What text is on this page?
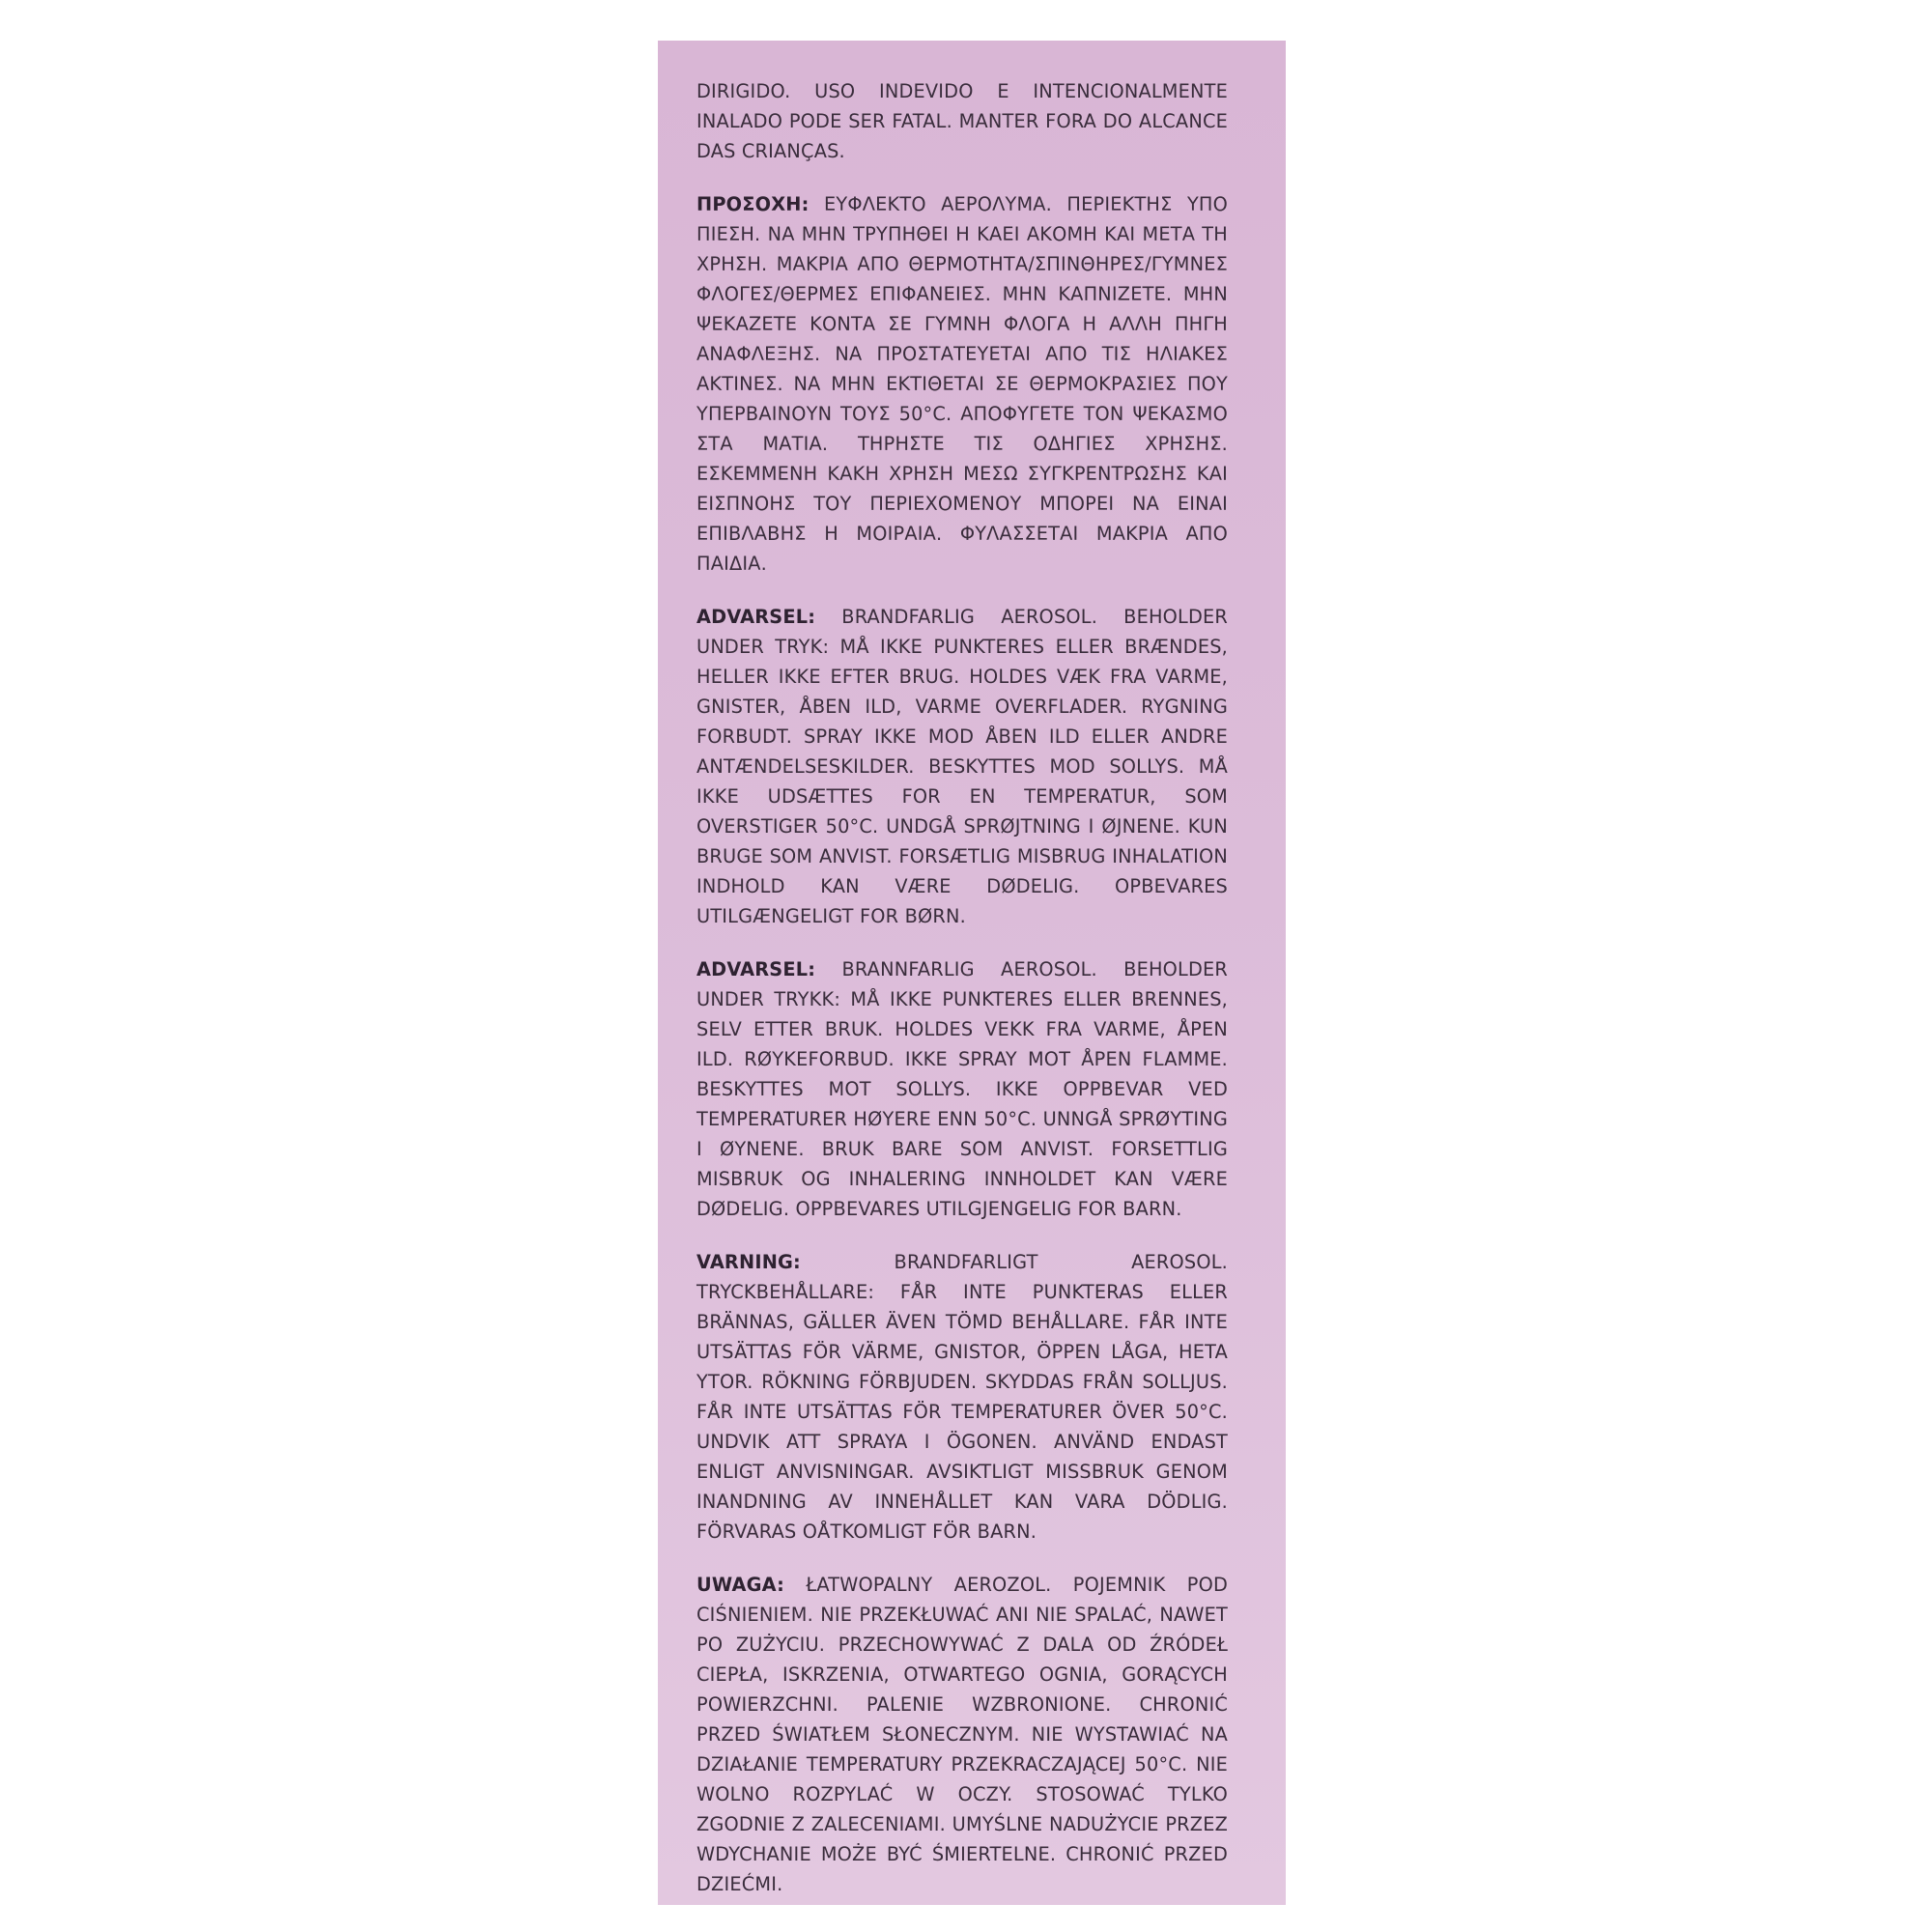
DIRIGIDO. USO INDEVIDO E INTENCIONALMENTE INALADO PODE SER FATAL. MANTER FORA DO ALCANCE DAS CRIANÇAS.

ΠΡΟΣΟΧΗ: ΕΥΦΛΕΚΤΟ ΑΕΡΟΛΥΜΑ. ΠΕΡΙΕΚΤΗΣ ΥΠΟ ΠΙΕΣΗ. ΝΑ ΜΗΝ ΤΡΥΠΗΘΕΙ Η ΚΑΕΙ ΑΚΟΜΗ ΚΑΙ ΜΕΤΑ ΤΗ ΧΡΗΣΗ. ΜΑΚΡΙΑ ΑΠΟ ΘΕΡΜΟΤΗΤΑ/ΣΠΙΝΘΗΡΕΣ/ΓΥΜΝΕΣ ΦΛΟΓΕΣ/ΘΕΡΜΕΣ ΕΠΙΦΑΝΕΙΕΣ. ΜΗΝ ΚΑΠΝΙΖΕΤΕ. ΜΗΝ ΨΕΚΑΖΕΤΕ ΚΟΝΤΑ ΣΕ ΓΥΜΝΗ ΦΛΟΓΑ Η ΑΛΛΗ ΠΗΓΗ ΑΝΑΦΛΕΞΗΣ. ΝΑ ΠΡΟΣΤΑΤΕΥΕΤΑΙ ΑΠΟ ΤΙΣ ΗΛΙΑΚΕΣ ΑΚΤΙΝΕΣ. ΝΑ ΜΗΝ ΕΚΤΙΘΕΤΑΙ ΣΕ ΘΕΡΜΟΚΡΑΣΙΕΣ ΠΟΥ ΥΠΕΡΒΑΙΝΟΥΝ ΤΟΥΣ 50°C. ΑΠΟΦΥΓΕΤΕ ΤΟΝ ΨΕΚΑΣΜΟ ΣΤΑ ΜΑΤΙΑ. ΤΗΡΗΣΤΕ ΤΙΣ ΟΔΗΓΙΕΣ ΧΡΗΣΗΣ. ΕΣΚΕΜΜΕΝΗ ΚΑΚΗ ΧΡΗΣΗ ΜΕΣΩ ΣΥΓΚΡΕΝΤΡΩΣΗΣ ΚΑΙ ΕΙΣΠΝΟΗΣ ΤΟΥ ΠΕΡΙΕΧΟΜΕΝΟΥ ΜΠΟΡΕΙ ΝΑ ΕΙΝΑΙ ΕΠΙΒΛΑΒΗΣ Η ΜΟΙΡΑΙΑ. ΦΥΛΑΣΣΕΤΑΙ ΜΑΚΡΙΑ ΑΠΟ ΠΑΙΔΙΑ.

ADVARSEL: BRANDFARLIG AEROSOL. BEHOLDER UNDER TRYK: MÅ IKKE PUNKTERES ELLER BRÆNDES, HELLER IKKE EFTER BRUG. HOLDES VÆK FRA VARME, GNISTER, ÅBEN ILD, VARME OVERFLADER. RYGNING FORBUDT. SPRAY IKKE MOD ÅBEN ILD ELLER ANDRE ANTÆNDELSESKILDER. BESKYTTES MOD SOLLYS. MÅ IKKE UDSÆTTES FOR EN TEMPERATUR, SOM OVERSTIGER 50°C. UNDGÅ SPRØJTNING I ØJNENE. KUN BRUGE SOM ANVIST. FORSÆTLIG MISBRUG INHALATION INDHOLD KAN VÆRE DØDELIG. OPBEVARES UTILGÆNGELIGT FOR BØRN.

ADVARSEL: BRANNFARLIG AEROSOL. BEHOLDER UNDER TRYKK: MÅ IKKE PUNKTERES ELLER BRENNES, SELV ETTER BRUK. HOLDES VEKK FRA VARME, ÅPEN ILD. RØYKEFORBUD. IKKE SPRAY MOT ÅPEN FLAMME. BESKYTTES MOT SOLLYS. IKKE OPPBEVAR VED TEMPERATURER HØYERE ENN 50°C. UNNGÅ SPRØYTING I ØYNENE. BRUK BARE SOM ANVIST. FORSETTLIG MISBRUK OG INHALERING INNHOLDET KAN VÆRE DØDELIG. OPPBEVARES UTILGJENGELIG FOR BARN.

VARNING:	BRANDFARLIGT AEROSOL. TRYCKBEHÅLLARE: FÅR INTE PUNKTERAS ELLER BRÄNNAS, GÄLLER ÄVEN TÖMD BEHÅLLARE. FÅR INTE UTSÄTTAS FÖR VÄRME, GNISTOR, ÖPPEN LÅGA, HETA YTOR. RÖKNING FÖRBJUDEN. SKYDDAS FRÅN SOLLJUS. FÅR INTE UTSÄTTAS FÖR TEMPERATURER ÖVER 50°C. UNDVIK ATT SPRAYA I ÖGONEN. ANVÄND ENDAST ENLIGT ANVISNINGAR. AVSIKTLIGT MISSBRUK GENOM INANDNING AV INNEHÅLLET KAN VARA DÖDLIG. FÖRVARAS OÅTKOMLIGT FÖR BARN.

UWAGA: ŁATWOPALNY AEROZOL. POJEMNIK POD CIŚNIENIEM. NIE PRZEKŁUWAĆ ANI NIE SPALAĆ, NAWET PO ZUŻYCIU. PRZECHOWYWAĆ Z DALA OD ŹRÓDEŁ CIEPŁA, ISKRZENIA, OTWARTEGO OGNIA, GORĄCYCH POWIERZCHNI. PALENIE WZBRONIONE. CHRONIĆ PRZED ŚWIATŁEM SŁONECZNYM. NIE WYSTAWIAĆ NA DZIAŁANIE TEMPERATURY PRZEKRACZAJĄCEJ 50°C. NIE WOLNO ROZPYLAĆ W OCZY. STOSOWAĆ TYLKO ZGODNIE Z ZALECENIAMI. UMYŚLNE NADUŻYCIE PRZEZ WDYCHANIE MOŻE BYĆ ŚMIERTELNE. CHRONIĆ PRZED DZIEĆMI.
